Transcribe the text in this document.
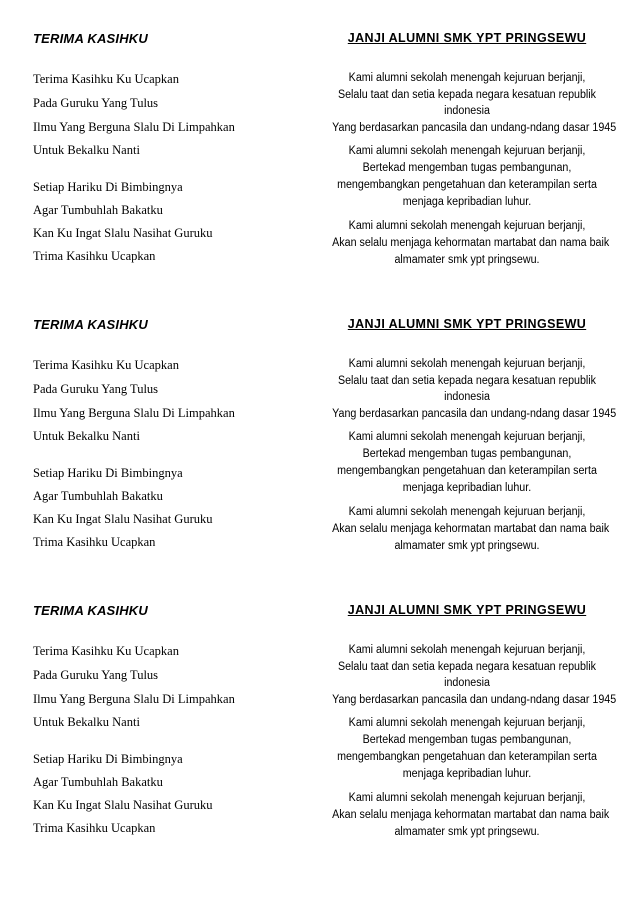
TERIMA KASIHKU
Terima Kasihku Ku Ucapkan
Pada Guruku Yang Tulus
Ilmu Yang Berguna Slalu Di Limpahkan
Untuk Bekalku Nanti
Setiap Hariku Di Bimbingnya
Agar Tumbuhlah Bakatku
Kan Ku Ingat Slalu Nasihat Guruku
Trima Kasihku Ucapkan
JANJI ALUMNI SMK YPT PRINGSEWU
Kami alumni sekolah menengah kejuruan berjanji,
Selalu taat dan setia kepada negara kesatuan republik
indonesia
Yang berdasarkan pancasila dan undang-ndang dasar 1945
Kami alumni sekolah menengah kejuruan berjanji,
Bertekad mengemban tugas pembangunan,
mengembangkan pengetahuan dan keterampilan serta
menjaga kepribadian luhur.
Kami alumni sekolah menengah kejuruan berjanji,
Akan selalu menjaga kehormatan martabat dan nama baik
almamater smk ypt pringsewu.
TERIMA KASIHKU
Terima Kasihku Ku Ucapkan
Pada Guruku Yang Tulus
Ilmu Yang Berguna Slalu Di Limpahkan
Untuk Bekalku Nanti
Setiap Hariku Di Bimbingnya
Agar Tumbuhlah Bakatku
Kan Ku Ingat Slalu Nasihat Guruku
Trima Kasihku Ucapkan
JANJI ALUMNI SMK YPT PRINGSEWU
Kami alumni sekolah menengah kejuruan berjanji,
Selalu taat dan setia kepada negara kesatuan republik
indonesia
Yang berdasarkan pancasila dan undang-ndang dasar 1945
Kami alumni sekolah menengah kejuruan berjanji,
Bertekad mengemban tugas pembangunan,
mengembangkan pengetahuan dan keterampilan serta
menjaga kepribadian luhur.
Kami alumni sekolah menengah kejuruan berjanji,
Akan selalu menjaga kehormatan martabat dan nama baik
almamater smk ypt pringsewu.
TERIMA KASIHKU
Terima Kasihku Ku Ucapkan
Pada Guruku Yang Tulus
Ilmu Yang Berguna Slalu Di Limpahkan
Untuk Bekalku Nanti
Setiap Hariku Di Bimbingnya
Agar Tumbuhlah Bakatku
Kan Ku Ingat Slalu Nasihat Guruku
Trima Kasihku Ucapkan
JANJI ALUMNI SMK YPT PRINGSEWU
Kami alumni sekolah menengah kejuruan berjanji,
Selalu taat dan setia kepada negara kesatuan republik
indonesia
Yang berdasarkan pancasila dan undang-ndang dasar 1945
Kami alumni sekolah menengah kejuruan berjanji,
Bertekad mengemban tugas pembangunan,
mengembangkan pengetahuan dan keterampilan serta
menjaga kepribadian luhur.
Kami alumni sekolah menengah kejuruan berjanji,
Akan selalu menjaga kehormatan martabat dan nama baik
almamater smk ypt pringsewu.
